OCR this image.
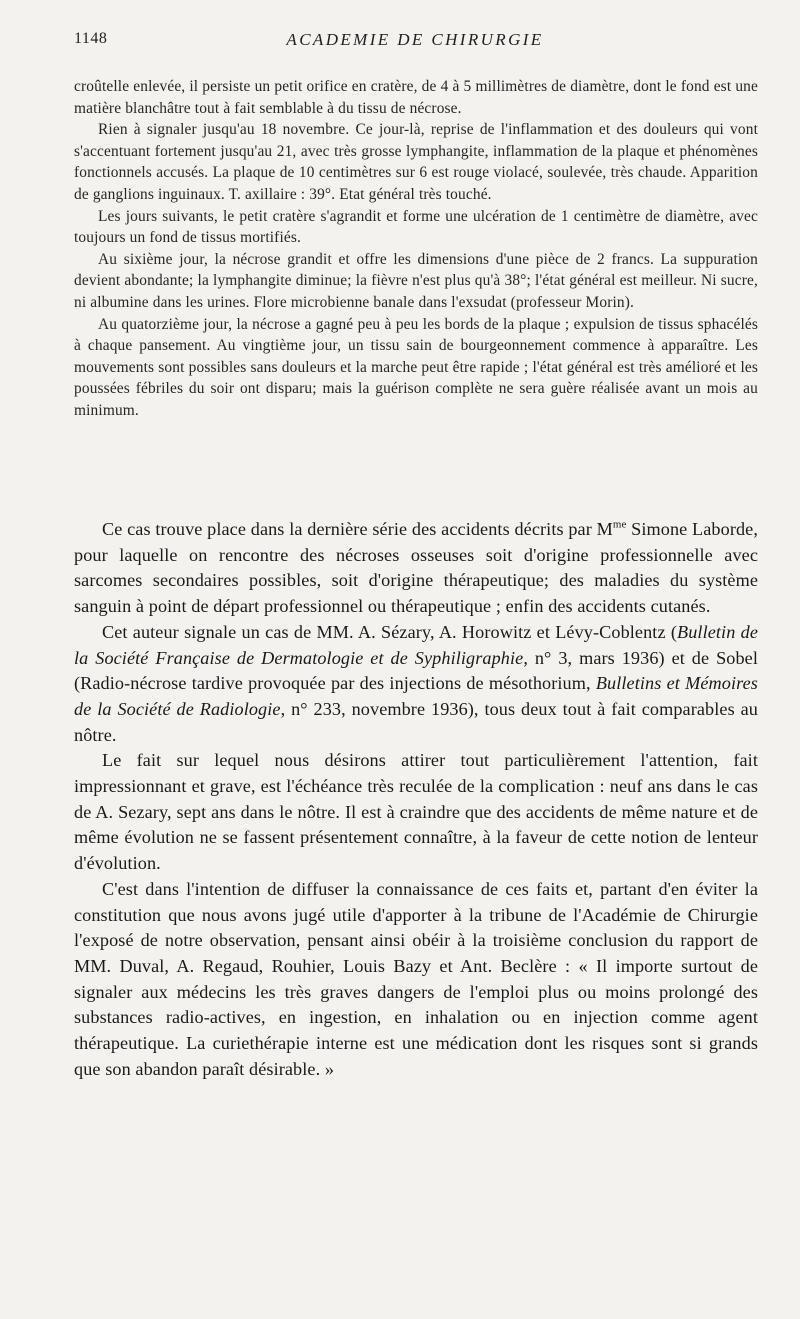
1148	ACADEMIE DE CHIRURGIE

croûtelle enlevée, il persiste un petit orifice en cratère, de 4 à 5 millimètres de diamètre, dont le fond est une matière blanchâtre tout à fait semblable à du tissu de nécrose.

Rien à signaler jusqu'au 18 novembre. Ce jour-là, reprise de l'inflammation et des douleurs qui vont s'accentuant fortement jusqu'au 21, avec très grosse lymphangite, inflammation de la plaque et phénomènes fonctionnels accusés. La plaque de 10 centimètres sur 6 est rouge violacé, soulevée, très chaude. Apparition de ganglions inguinaux. T. axillaire : 39°. Etat général très touché.

Les jours suivants, le petit cratère s'agrandit et forme une ulcération de 1 centimètre de diamètre, avec toujours un fond de tissus mortifiés.

Au sixième jour, la nécrose grandit et offre les dimensions d'une pièce de 2 francs. La suppuration devient abondante; la lymphangite diminue; la fièvre n'est plus qu'à 38°; l'état général est meilleur. Ni sucre, ni albumine dans les urines. Flore microbienne banale dans l'exsudat (professeur Morin).

Au quatorzième jour, la nécrose a gagné peu à peu les bords de la plaque ; expulsion de tissus sphacélés à chaque pansement. Au vingtième jour, un tissu sain de bourgeonnement commence à apparaître. Les mouvements sont possibles sans douleurs et la marche peut être rapide ; l'état général est très amélioré et les poussées fébriles du soir ont disparu; mais la guérison complète ne sera guère réalisée avant un mois au minimum.

Ce cas trouve place dans la dernière série des accidents décrits par $M^{me}$ Simone Laborde, pour laquelle on rencontre des nécroses osseuses soit d'origine professionnelle avec sarcomes secondaires possibles, soit d'origine thérapeutique; des maladies du système sanguin à point de départ professionnel ou thérapeutique ; enfin des accidents cutanés.

Cet auteur signale un cas de MM. A. Sézary, A. Horowitz et Lévy-Coblentz (Bulletin de la Société Française de Dermatologie et de Syphiligraphie, n° 3, mars 1936) et de Sobel (Radio-nécrose tardive provoquée par des injections de mésothorium, Bulletins et Mémoires de la Société de Radiologie, n° 233, novembre 1936), tous deux tout à fait comparables au nôtre.

Le fait sur lequel nous désirons attirer tout particulièrement l'attention, fait impressionnant et grave, est l'échéance très reculée de la complication : neuf ans dans le cas de A. Sezary, sept ans dans le nôtre. Il est à craindre que des accidents de même nature et de même évolution ne se fassent présentement connaître, à la faveur de cette notion de lenteur d'évolution.

C'est dans l'intention de diffuser la connaissance de ces faits et, partant d'en éviter la constitution que nous avons jugé utile d'apporter à la tribune de l'Académie de Chirurgie l'exposé de notre observation, pensant ainsi obéir à la troisième conclusion du rapport de MM. Duval, A. Regaud, Rouhier, Louis Bazy et Ant. Beclère : « Il importe surtout de signaler aux médecins les très graves dangers de l'emploi plus ou moins prolongé des substances radio-actives, en ingestion, en inhalation ou en injection comme agent thérapeutique. La curiethérapie interne est une médication dont les risques sont si grands que son abandon paraît désirable. »
